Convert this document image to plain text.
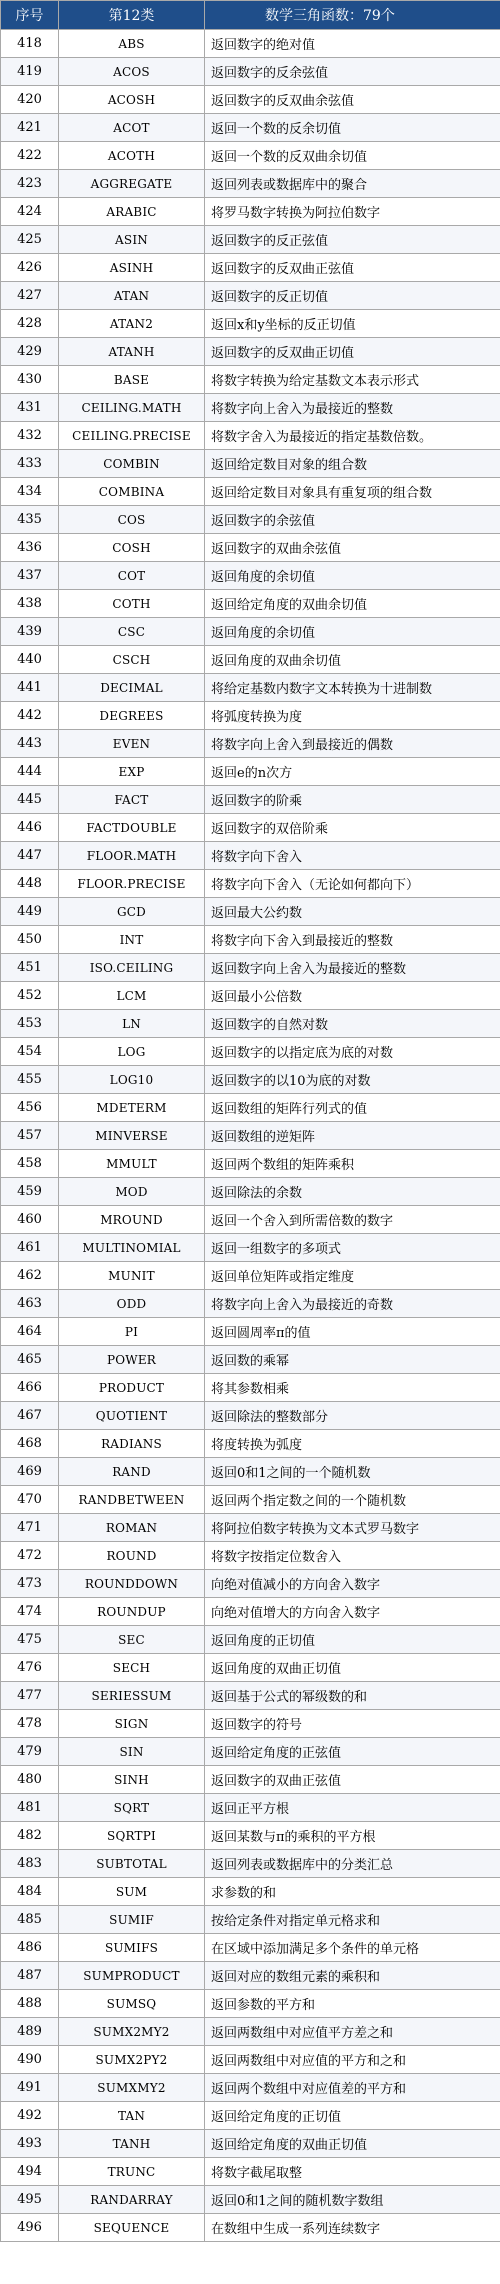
序号	第12类	数学三角函数：79个
418	ABS	返回数字的绝对值
419	ACOS	返回数字的反余弦值
420	ACOSH	返回数字的反双曲余弦值
421	ACOT	返回一个数的反余切值
422	ACOTH	返回一个数的反双曲余切值
423	AGGREGATE	返回列表或数据库中的聚合
424	ARABIC	将罗马数字转换为阿拉伯数字
425	ASIN	返回数字的反正弦值
426	ASINH	返回数字的反双曲正弦值
427	ATAN	返回数字的反正切值
428	ATAN2	返回x和y坐标的反正切值
429	ATANH	返回数字的反双曲正切值
430	BASE	将数字转换为给定基数文本表示形式
431	CEILING.MATH	将数字向上舍入为最接近的整数
432	CEILING.PRECISE	将数字舍入为最接近的指定基数倍数。
433	COMBIN	返回给定数目对象的组合数
434	COMBINA	返回给定数目对象具有重复项的组合数
435	COS	返回数字的余弦值
436	COSH	返回数字的双曲余弦值
437	COT	返回角度的余切值
438	COTH	返回给定角度的双曲余切值
439	CSC	返回角度的余切值
440	CSCH	返回角度的双曲余切值
441	DECIMAL	将给定基数内数字文本转换为十进制数
442	DEGREES	将弧度转换为度
443	EVEN	将数字向上舍入到最接近的偶数
444	EXP	返回e的n次方
445	FACT	返回数字的阶乘
446	FACTDOUBLE	返回数字的双倍阶乘
447	FLOOR.MATH	将数字向下舍入
448	FLOOR.PRECISE	将数字向下舍入（无论如何都向下）
449	GCD	返回最大公约数
450	INT	将数字向下舍入到最接近的整数
451	ISO.CEILING	返回数字向上舍入为最接近的整数
452	LCM	返回最小公倍数
453	LN	返回数字的自然对数
454	LOG	返回数字的以指定底为底的对数
455	LOG10	返回数字的以10为底的对数
456	MDETERM	返回数组的矩阵行列式的值
457	MINVERSE	返回数组的逆矩阵
458	MMULT	返回两个数组的矩阵乘积
459	MOD	返回除法的余数
460	MROUND	返回一个舍入到所需倍数的数字
461	MULTINOMIAL	返回一组数字的多项式
462	MUNIT	返回单位矩阵或指定维度
463	ODD	将数字向上舍入为最接近的奇数
464	PI	返回圆周率π的值
465	POWER	返回数的乘幂
466	PRODUCT	将其参数相乘
467	QUOTIENT	返回除法的整数部分
468	RADIANS	将度转换为弧度
469	RAND	返回0和1之间的一个随机数
470	RANDBETWEEN	返回两个指定数之间的一个随机数
471	ROMAN	将阿拉伯数字转换为文本式罗马数字
472	ROUND	将数字按指定位数舍入
473	ROUNDDOWN	向绝对值减小的方向舍入数字
474	ROUNDUP	向绝对值增大的方向舍入数字
475	SEC	返回角度的正切值
476	SECH	返回角度的双曲正切值
477	SERIESSUM	返回基于公式的幂级数的和
478	SIGN	返回数字的符号
479	SIN	返回给定角度的正弦值
480	SINH	返回数字的双曲正弦值
481	SQRT	返回正平方根
482	SQRTPI	返回某数与π的乘积的平方根
483	SUBTOTAL	返回列表或数据库中的分类汇总
484	SUM	求参数的和
485	SUMIF	按给定条件对指定单元格求和
486	SUMIFS	在区域中添加满足多个条件的单元格
487	SUMPRODUCT	返回对应的数组元素的乘积和
488	SUMSQ	返回参数的平方和
489	SUMX2MY2	返回两数组中对应值平方差之和
490	SUMX2PY2	返回两数组中对应值的平方和之和
491	SUMXMY2	返回两个数组中对应值差的平方和
492	TAN	返回给定角度的正切值
493	TANH	返回给定角度的双曲正切值
494	TRUNC	将数字截尾取整
495	RANDARRAY	返回0和1之间的随机数字数组
496	SEQUENCE	在数组中生成一系列连续数字
